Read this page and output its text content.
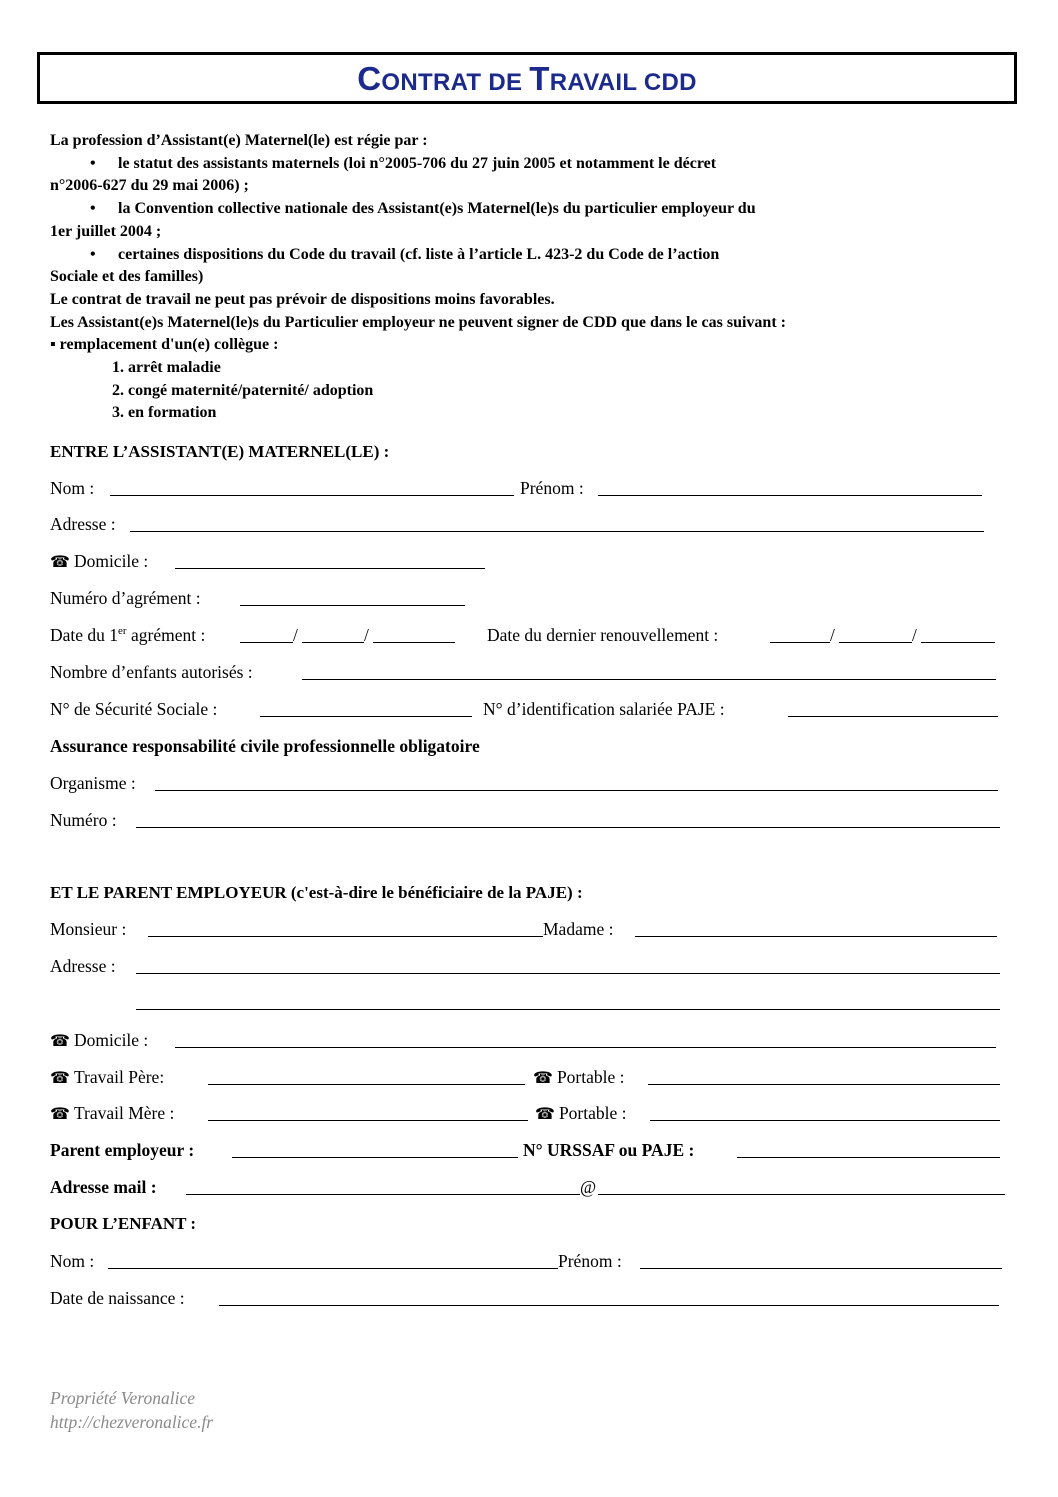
CONTRAT DE TRAVAIL CDD

La profession d’Assistant(e) Maternel(le) est régie par :

• le statut des assistants maternels (loi n°2005-706 du 27 juin 2005 et notamment le décret

n°2006-627 du 29 mai 2006) ;

• la Convention collective nationale des Assistant(e)s Maternel(le)s du particulier employeur du

1er juillet 2004 ;

• certaines dispositions du Code du travail (cf. liste à l’article L. 423-2 du Code de l’action

Sociale et des familles)

Le contrat de travail ne peut pas prévoir de dispositions moins favorables.

Les Assistant(e)s Maternel(le)s du Particulier employeur ne peuvent signer de CDD que dans le cas suivant :

▪ remplacement d'un(e) collègue :

1. arrêt maladie

2. congé maternité/paternité/ adoption

3. en formation

ENTRE L’ASSISTANT(E) MATERNEL(LE) :
Nom :	Prénom :
Adresse :
☎ Domicile :
Numéro d’agrément :
Date du 1er agrément :	/	/	Date du dernier renouvellement :	/	/
Nombre d’enfants autorisés :
N° de Sécurité Sociale :	N° d’identification salariée PAJE :
Assurance responsabilité civile professionnelle obligatoire
Organisme :
Numéro :
ET LE PARENT EMPLOYEUR (c'est-à-dire le bénéficiaire de la PAJE) :
Monsieur :	Madame :
Adresse :
☎ Domicile :
☎ Travail Père:	☎ Portable :
☎ Travail Mère :	☎ Portable :
Parent employeur :	N° URSSAF ou PAJE :
Adresse mail :	@
POUR L’ENFANT :
Nom :	Prénom :
Date de naissance :
Propriété Veronalice
http://chezveronalice.fr
